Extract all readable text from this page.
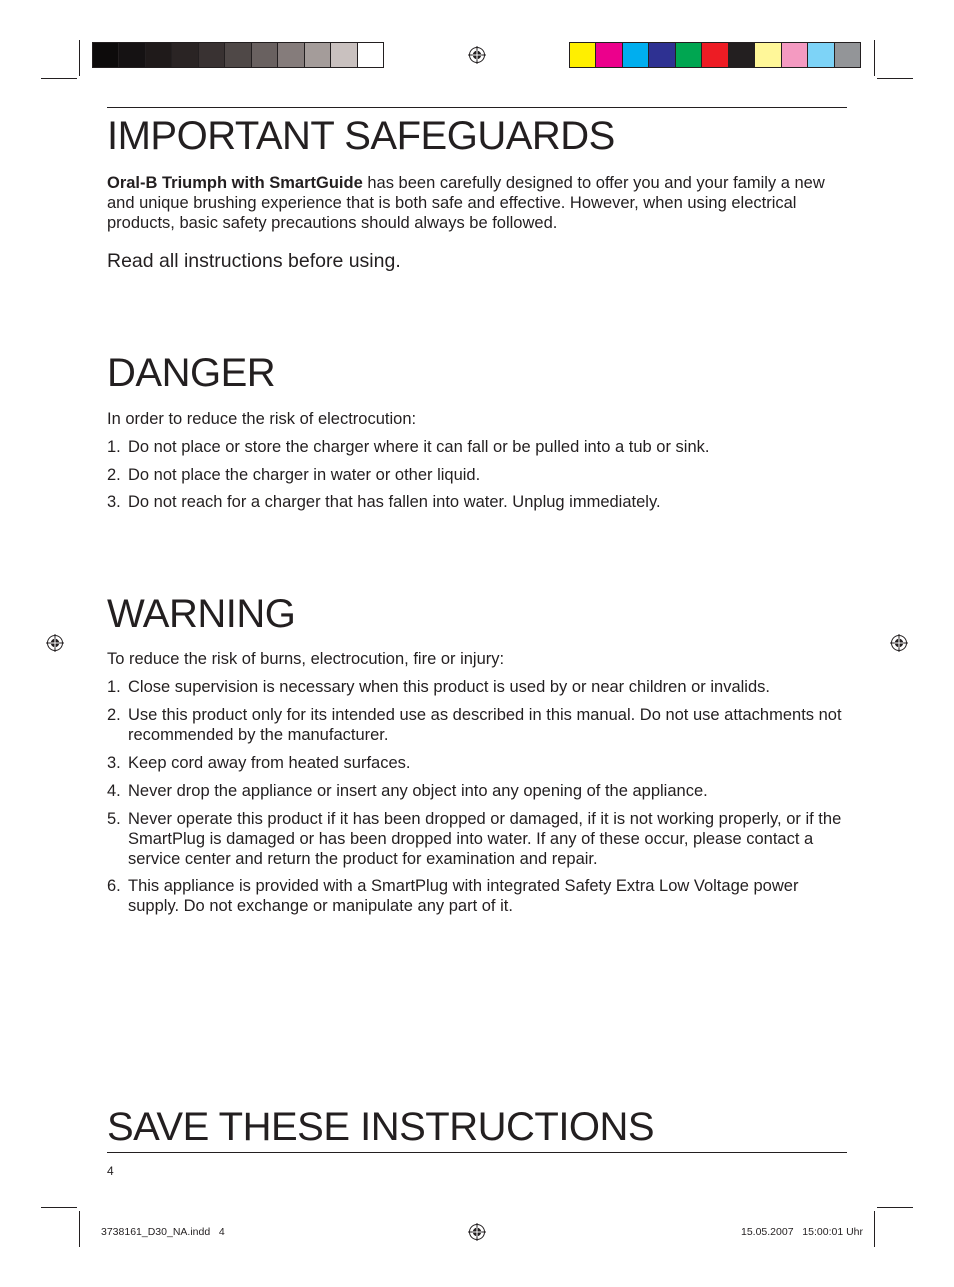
IMPORTANT SAFEGUARDS

Oral-B Triumph with SmartGuide has been carefully designed to offer you and your family a new and unique brushing experience that is both safe and effective. However, when using electrical products, basic safety precautions should always be followed.

Read all instructions before using.

DANGER

In order to reduce the risk of electrocution:

1. Do not place or store the charger where it can fall or be pulled into a tub or sink.
2. Do not place the charger in water or other liquid.
3. Do not reach for a charger that has fallen into water. Unplug immediately.
WARNING

To reduce the risk of burns, electrocution, fire or injury:

1. Close supervision is necessary when this product is used by or near children or invalids.
2. Use this product only for its intended use as described in this manual. Do not use attachments not recommended by the manufacturer.
3. Keep cord away from heated surfaces.
4. Never drop the appliance or insert any object into any opening of the appliance.
5. Never operate this product if it has been dropped or damaged, if it is not working properly, or if the SmartPlug is damaged or has been dropped into water. If any of these occur, please contact a service center and return the product for examination and repair.
6. This appliance is provided with a SmartPlug with integrated Safety Extra Low Voltage power supply. Do not exchange or manipulate any part of it.
SAVE THESE INSTRUCTIONS
4
3738161_D30_NA.indd   4	15.05.2007   15:00:01 Uhr
